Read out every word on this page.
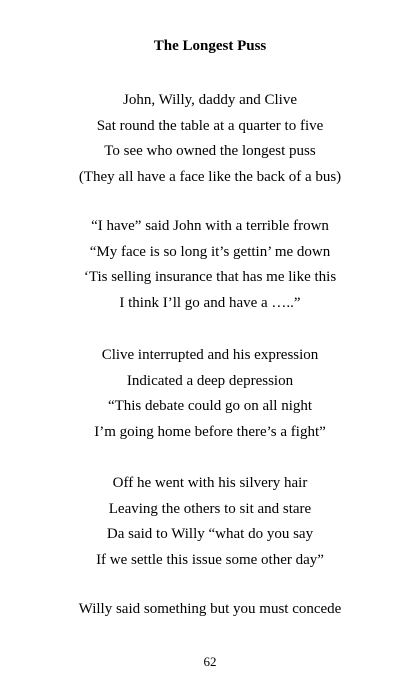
The Longest Puss
John, Willy, daddy and Clive
Sat round the table at a quarter to five
To see who owned the longest puss
(They all have a face like the back of a bus)
“I have” said John with a terrible frown
“My face is so long it’s gettin’ me down
‘Tis selling insurance that has me like this
I think I’ll go and have a …..”
Clive interrupted and his expression
Indicated a deep depression
“This debate could go on all night
I’m going home before there’s a fight”
Off he went with his silvery hair
Leaving the others to sit and stare
Da said to Willy “what do you say
If we settle this issue some other day”
Willy said something but you must concede
62
